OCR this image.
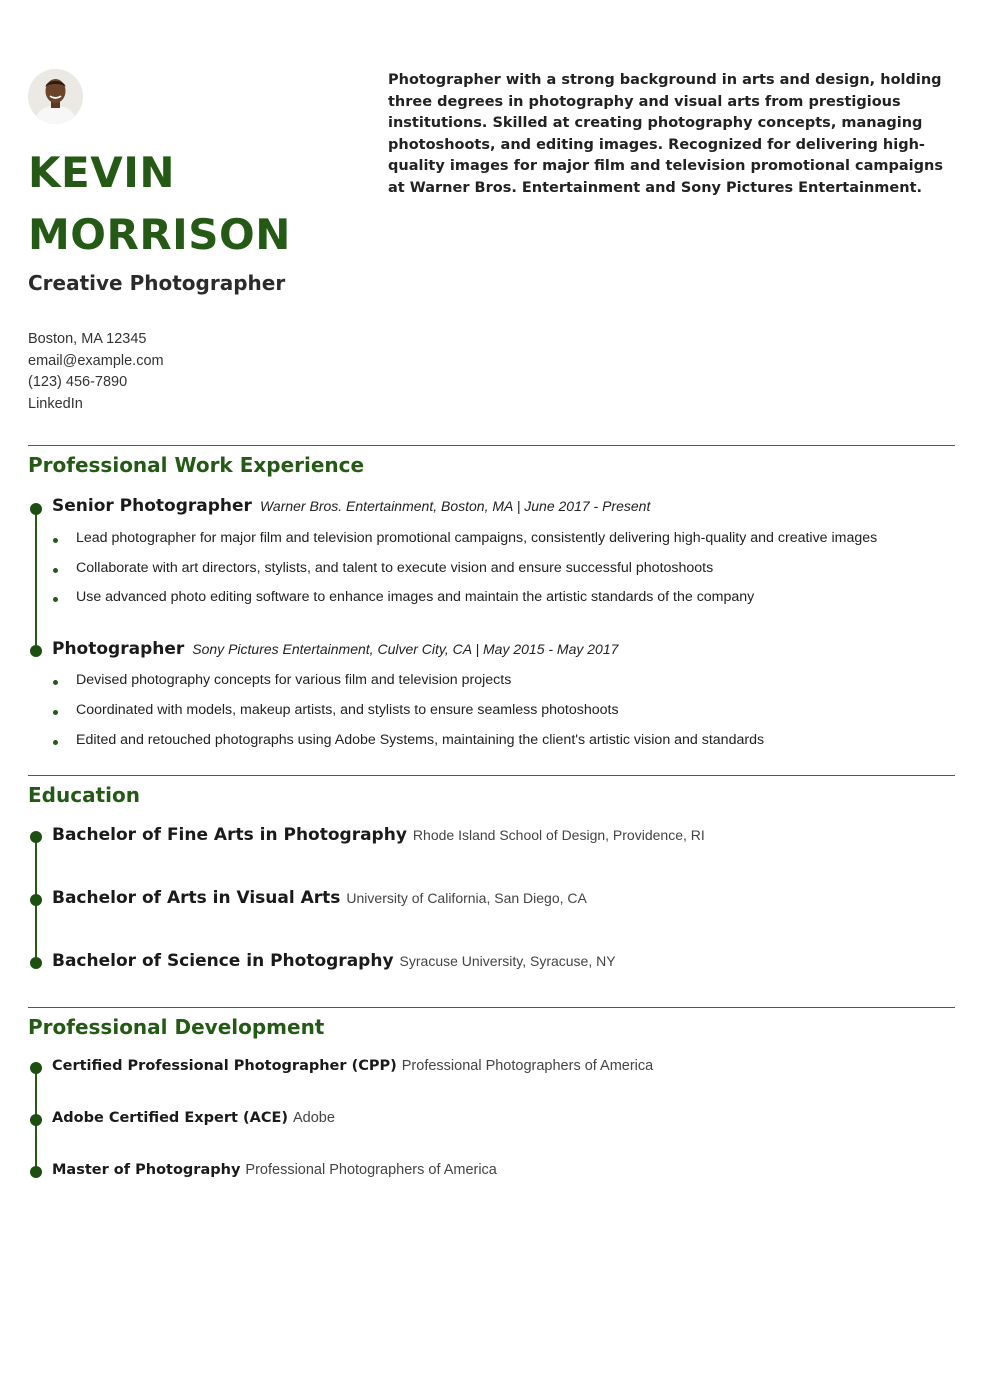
KEVIN
MORRISON
Creative Photographer
Boston, MA 12345
email@example.com
(123) 456-7890
LinkedIn
Photographer with a strong background in arts and design, holding three degrees in photography and visual arts from prestigious institutions. Skilled at creating photography concepts, managing photoshoots, and editing images. Recognized for delivering high-quality images for major film and television promotional campaigns at Warner Bros. Entertainment and Sony Pictures Entertainment.
Professional Work Experience
Senior Photographer Warner Bros. Entertainment, Boston, MA | June 2017 - Present
Lead photographer for major film and television promotional campaigns, consistently delivering high-quality and creative images
Collaborate with art directors, stylists, and talent to execute vision and ensure successful photoshoots
Use advanced photo editing software to enhance images and maintain the artistic standards of the company
Photographer Sony Pictures Entertainment, Culver City, CA | May 2015 - May 2017
Devised photography concepts for various film and television projects
Coordinated with models, makeup artists, and stylists to ensure seamless photoshoots
Edited and retouched photographs using Adobe Systems, maintaining the client's artistic vision and standards
Education
Bachelor of Fine Arts in Photography Rhode Island School of Design, Providence, RI
Bachelor of Arts in Visual Arts University of California, San Diego, CA
Bachelor of Science in Photography Syracuse University, Syracuse, NY
Professional Development
Certified Professional Photographer (CPP) Professional Photographers of America
Adobe Certified Expert (ACE) Adobe
Master of Photography Professional Photographers of America
